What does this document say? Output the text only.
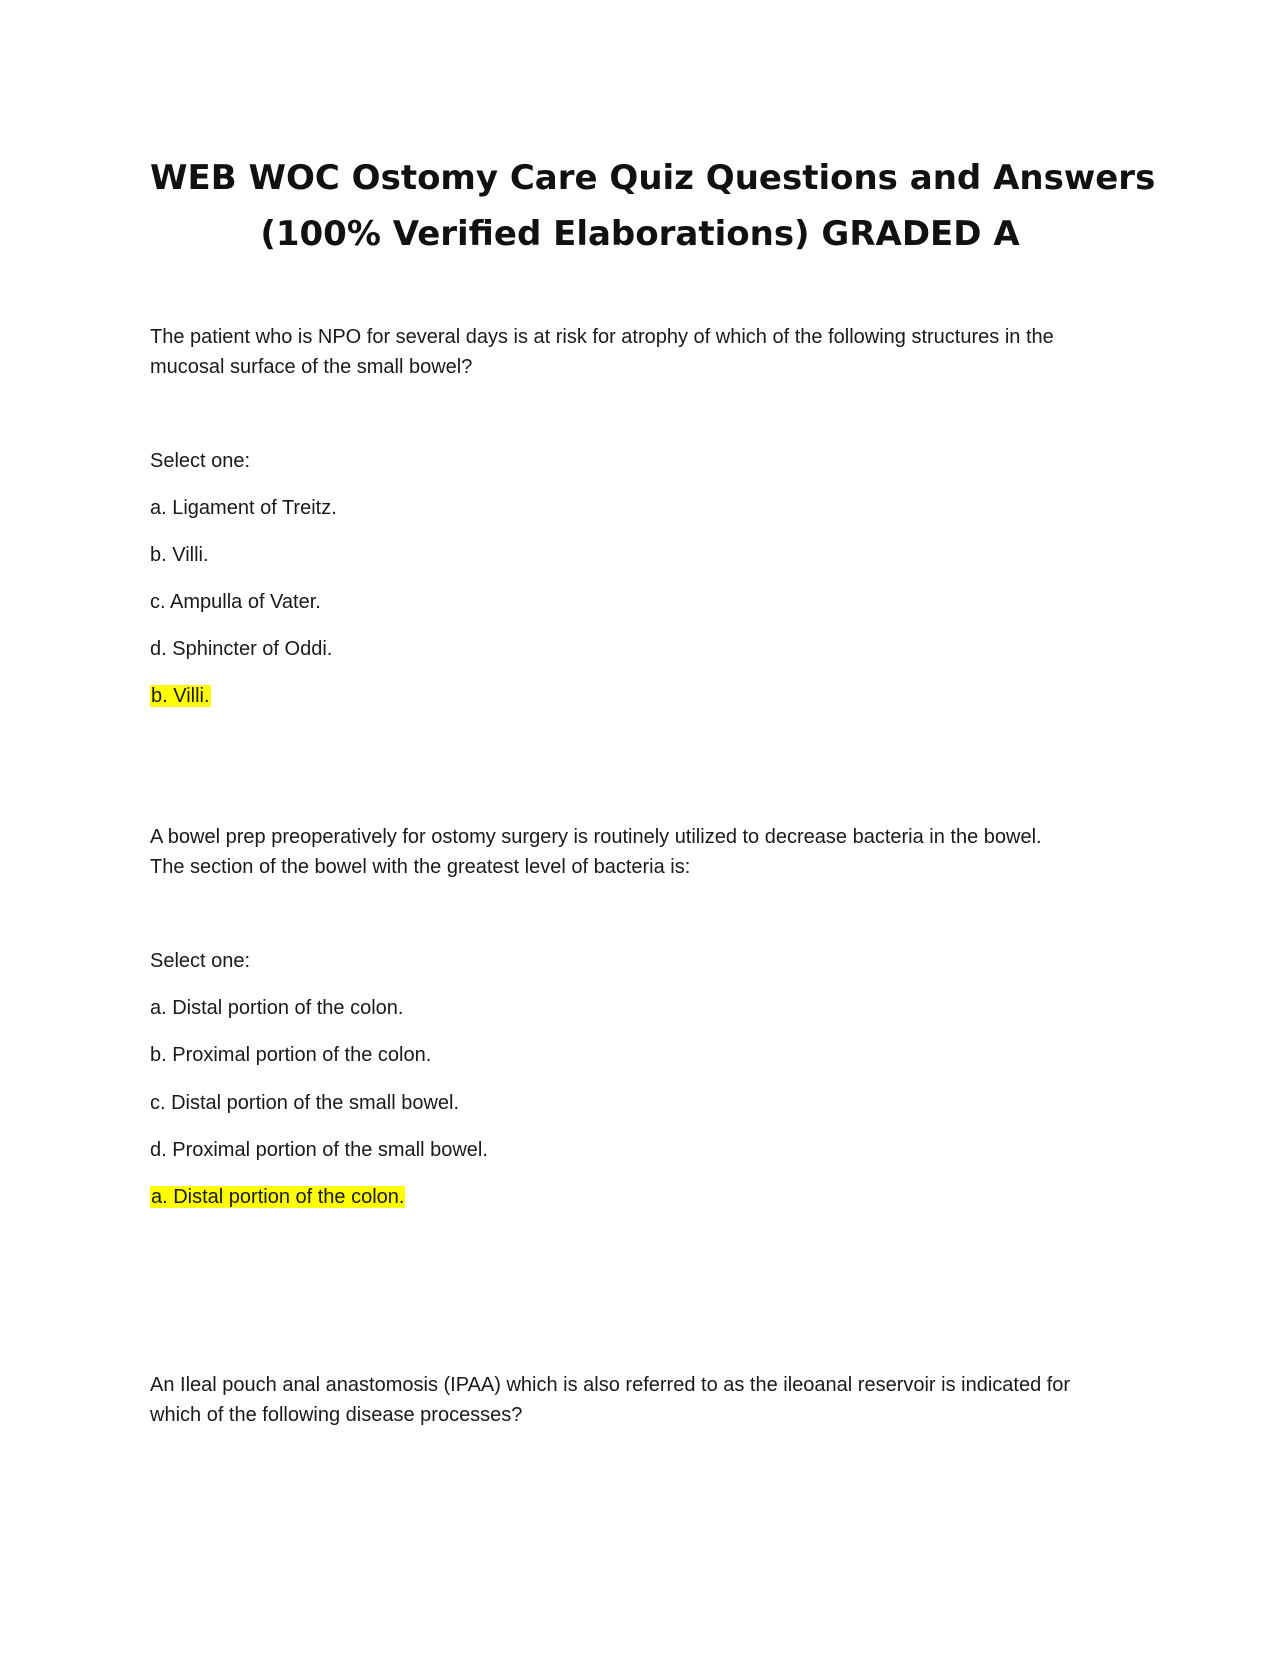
WEB WOC Ostomy Care Quiz Questions and Answers
(100% Verified Elaborations) GRADED A
The patient who is NPO for several days is at risk for atrophy of which of the following structures in the
mucosal surface of the small bowel?
Select one:
a. Ligament of Treitz.
b. Villi.
c. Ampulla of Vater.
d. Sphincter of Oddi.
b. Villi.
A bowel prep preoperatively for ostomy surgery is routinely utilized to decrease bacteria in the bowel.
The section of the bowel with the greatest level of bacteria is:
Select one:
a. Distal portion of the colon.
b. Proximal portion of the colon.
c. Distal portion of the small bowel.
d. Proximal portion of the small bowel.
a. Distal portion of the colon.
An Ileal pouch anal anastomosis (IPAA) which is also referred to as the ileoanal reservoir is indicated for
which of the following disease processes?
